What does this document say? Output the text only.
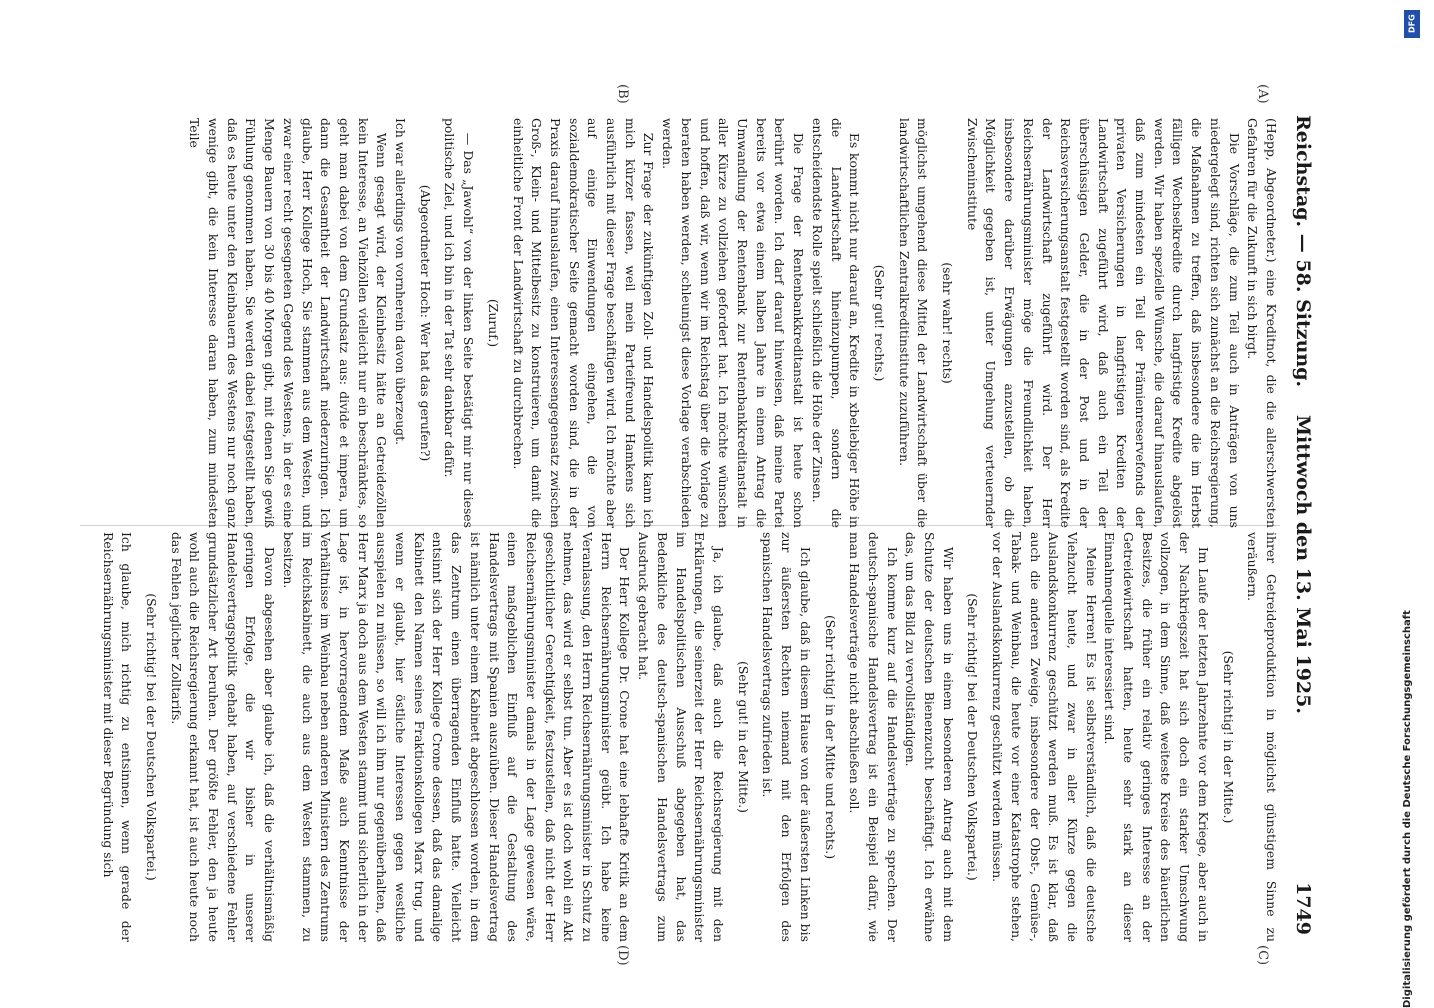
Reichstag. — 58. Sitzung.
Mittwoch den 13. Mai 1925.
1749
(A)
(B)
(C)
(D)

(Hepp, Abgeordneter.) eine Kreditnot, die die allerschwersten Gefahren für die Zukunft in sich birgt.

Die Vorschläge, die zum Teil auch in Anträgen von uns niedergelegt sind, richten sich zunächst an die Reichsregierung, die Maßnahmen zu treffen, daß insbesondere die im Herbst fälligen Wechselkredite durch langfristige Kredite abgelöst werden. Wir haben spezielle Wünsche, die darauf hinauslaufen, daß zum mindesten ein Teil der Prämienreservefonds der privaten Versicherungen in langfristigen Krediten der Landwirtschaft zugeführt wird, daß auch ein Teil der überschüssigen Gelder, die in der Post und in der Reichsversicherungsanstalt festgestellt worden sind, als Kredite der Landwirtschaft zugeführt wird. Der Herr Reichsernährungsminister möge die Freundlichkeit haben, insbesondere darüber Erwägungen anzustellen, ob die Möglichkeit gegeben ist, unter Umgehung verteuernder Zwischeninstitute

(sehr wahr! rechts)

möglichst umgehend diese Mittel der Landwirtschaft über die landwirtschaftlichen Zentralkreditinstitute zuzuführen.

(Sehr gut! rechts.)

Es kommt nicht nur darauf an, Kredite in xbeliebiger Höhe in die Landwirtschaft hineinzupumpen, sondern die entscheidendste Rolle spielt schließlich die Höhe der Zinsen.

Die Frage der Rentenbankkreditanstalt ist heute schon berührt worden. Ich darf darauf hinweisen, daß meine Partei bereits vor etwa einem halben Jahre in einem Antrag die Umwandlung der Rentenbank zur Rentenbankkreditanstalt in aller Kürze zu vollziehen gefordert hat. Ich möchte wünschen und hoffen, daß wir, wenn wir im Reichstag über die Vorlage zu beraten haben werden, schleunigst diese Vorlage verabschieden werden.

Zur Frage der zukünftigen Zoll- und Handelspolitik kann ich mich kürzer fassen, weil mein Parteifreund Hamkens sich ausführlich mit dieser Frage beschäftigen wird. Ich möchte aber auf einige Einwendungen eingehen, die von sozialdemokratischer Seite gemacht worden sind, die in der Praxis darauf hinauslaufen, einen Interessengegensatz zwischen Groß-, Klein- und Mittelbesitz zu konstruieren, um damit die einheitliche Front der Landwirtschaft zu durchbrechen.

(Zuruf.)

— Das „Jawohl“ von der linken Seite bestätigt mir nur dieses politische Ziel, und ich bin in der Tat sehr dankbar dafür.

(Abgeordneter Hoch: Wer hat das gerufen?)

Ich war allerdings von vornherein davon überzeugt.

Wenn gesagt wird, der Kleinbesitz hätte an Getreidezöllen kein Interesse, an Viehzöllen vielleicht nur ein beschränktes, so geht man dabei von dem Grundsatz aus: divide et impera, um dann die Gesamtheit der Landwirtschaft niederzuringen. Ich glaube, Herr Kollege Hoch, Sie stammen aus dem Westen, und zwar einer recht gesegneten Gegend des Westens, in der es eine Menge Bauern von 30 bis 40 Morgen gibt, mit denen Sie gewiß Fühlung genommen haben. Sie werden dabei festgestellt haben, daß es heute unter den Kleinbauern des Westens nur noch ganz wenige gibt, die kein Interesse daran haben, zum mindesten Teile

ihrer Getreideproduktion in möglichst günstigem Sinne zu veräußern.

(Sehr richtig! in der Mitte.)

Im Laufe der letzten Jahrzehnte vor dem Kriege, aber auch in der Nachkriegszeit hat sich doch ein starker Umschwung vollzogen, in dem Sinne, daß weiteste Kreise des bäuerlichen Besitzes, die früher ein relativ geringes Interesse an der Getreidewirtschaft hatten, heute sehr stark an dieser Einnahmequelle interessiert sind.

Meine Herren! Es ist selbstverständlich, daß die deutsche Viehzucht heute, und zwar in aller Kürze gegen die Auslandskonkurrenz geschützt werden muß. Es ist klar, daß auch die anderen Zweige, insbesondere der Obst-, Gemüse-, Tabak- und Weinbau, die heute vor einer Katastrophe stehen, vor der Auslandskonkurrenz geschützt werden müssen.

(Sehr richtig! bei der Deutschen Volkspartei.)

Wir haben uns in einem besonderen Antrag auch mit dem Schutze der deutschen Bienenzucht beschäftigt. Ich erwähne das, um das Bild zu vervollständigen.

Ich komme kurz auf die Handelsverträge zu sprechen. Der deutsch-spanische Handelsvertrag ist ein Beispiel dafür, wie man Handelsverträge nicht abschließen soll.

(Sehr richtig! in der Mitte und rechts.)

Ich glaube, daß in diesem Hause von der äußersten Linken bis zur äußersten Rechten niemand mit den Erfolgen des spanischen Handelsvertrags zufrieden ist.

(Sehr gut! in der Mitte.)

Ja, ich glaube, daß auch die Reichsregierung mit den Erklärungen, die seinerzeit der Herr Reichsernährungsminister im Handelspolitischen Ausschuß abgegeben hat, das Bedenkliche des deutsch-spanischen Handelsvertrags zum Ausdruck gebracht hat.

Der Herr Kollege Dr. Crone hat eine lebhafte Kritik an dem Herrn Reichsernährungsminister geübt. Ich habe keine Veranlassung, den Herrn Reichsernährungsminister in Schutz zu nehmen, das wird er selbst tun. Aber es ist doch wohl ein Akt geschichtlicher Gerechtigkeit, festzustellen, daß nicht der Herr Reichsernährungsminister damals in der Lage gewesen wäre, einen maßgeblichen Einfluß auf die Gestaltung des Handelsvertrags mit Spanien auszuüben. Dieser Handelsvertrag ist nämlich unter einem Kabinett abgeschlossen worden, in dem das Zentrum einen überragenden Einfluß hatte. Vielleicht entsinnt sich der Herr Kollege Crone dessen, daß das damalige Kabinett den Namen seines Fraktionskollegen Marx trug, und wenn er glaubt, hier östliche Interessen gegen westliche ausspielen zu müssen, so will ich ihm nur gegenüberhalten, daß Herr Marx ja doch aus dem Westen stammt und sicherlich in der Lage ist, in hervorragendem Maße auch Kenntnisse der Verhältnisse im Weinbau neben anderen Ministern des Zentrums im Reichskabinett, die auch aus dem Westen stammen, zu besitzen.

Davon abgesehen aber glaube ich, daß die verhältnismäßig geringen Erfolge, die wir bisher in unserer Handelsvertragspolitik gehabt haben, auf verschiedene Fehler grundsätzlicher Art beruhen. Der größte Fehler, den ja heute wohl auch die Reichsregierung erkannt hat, ist auch heute noch das Fehlen jeglicher Zolltarifs.

(Sehr richtig! bei der Deutschen Volkspartei.)

Ich glaube, mich richtig zu entsinnen, wenn gerade der Reichsernährungsminister mit dieser Begründung sich	Digitalisierung gefördert durch die Deutsche Forschungsgemeinschaft
DFG
